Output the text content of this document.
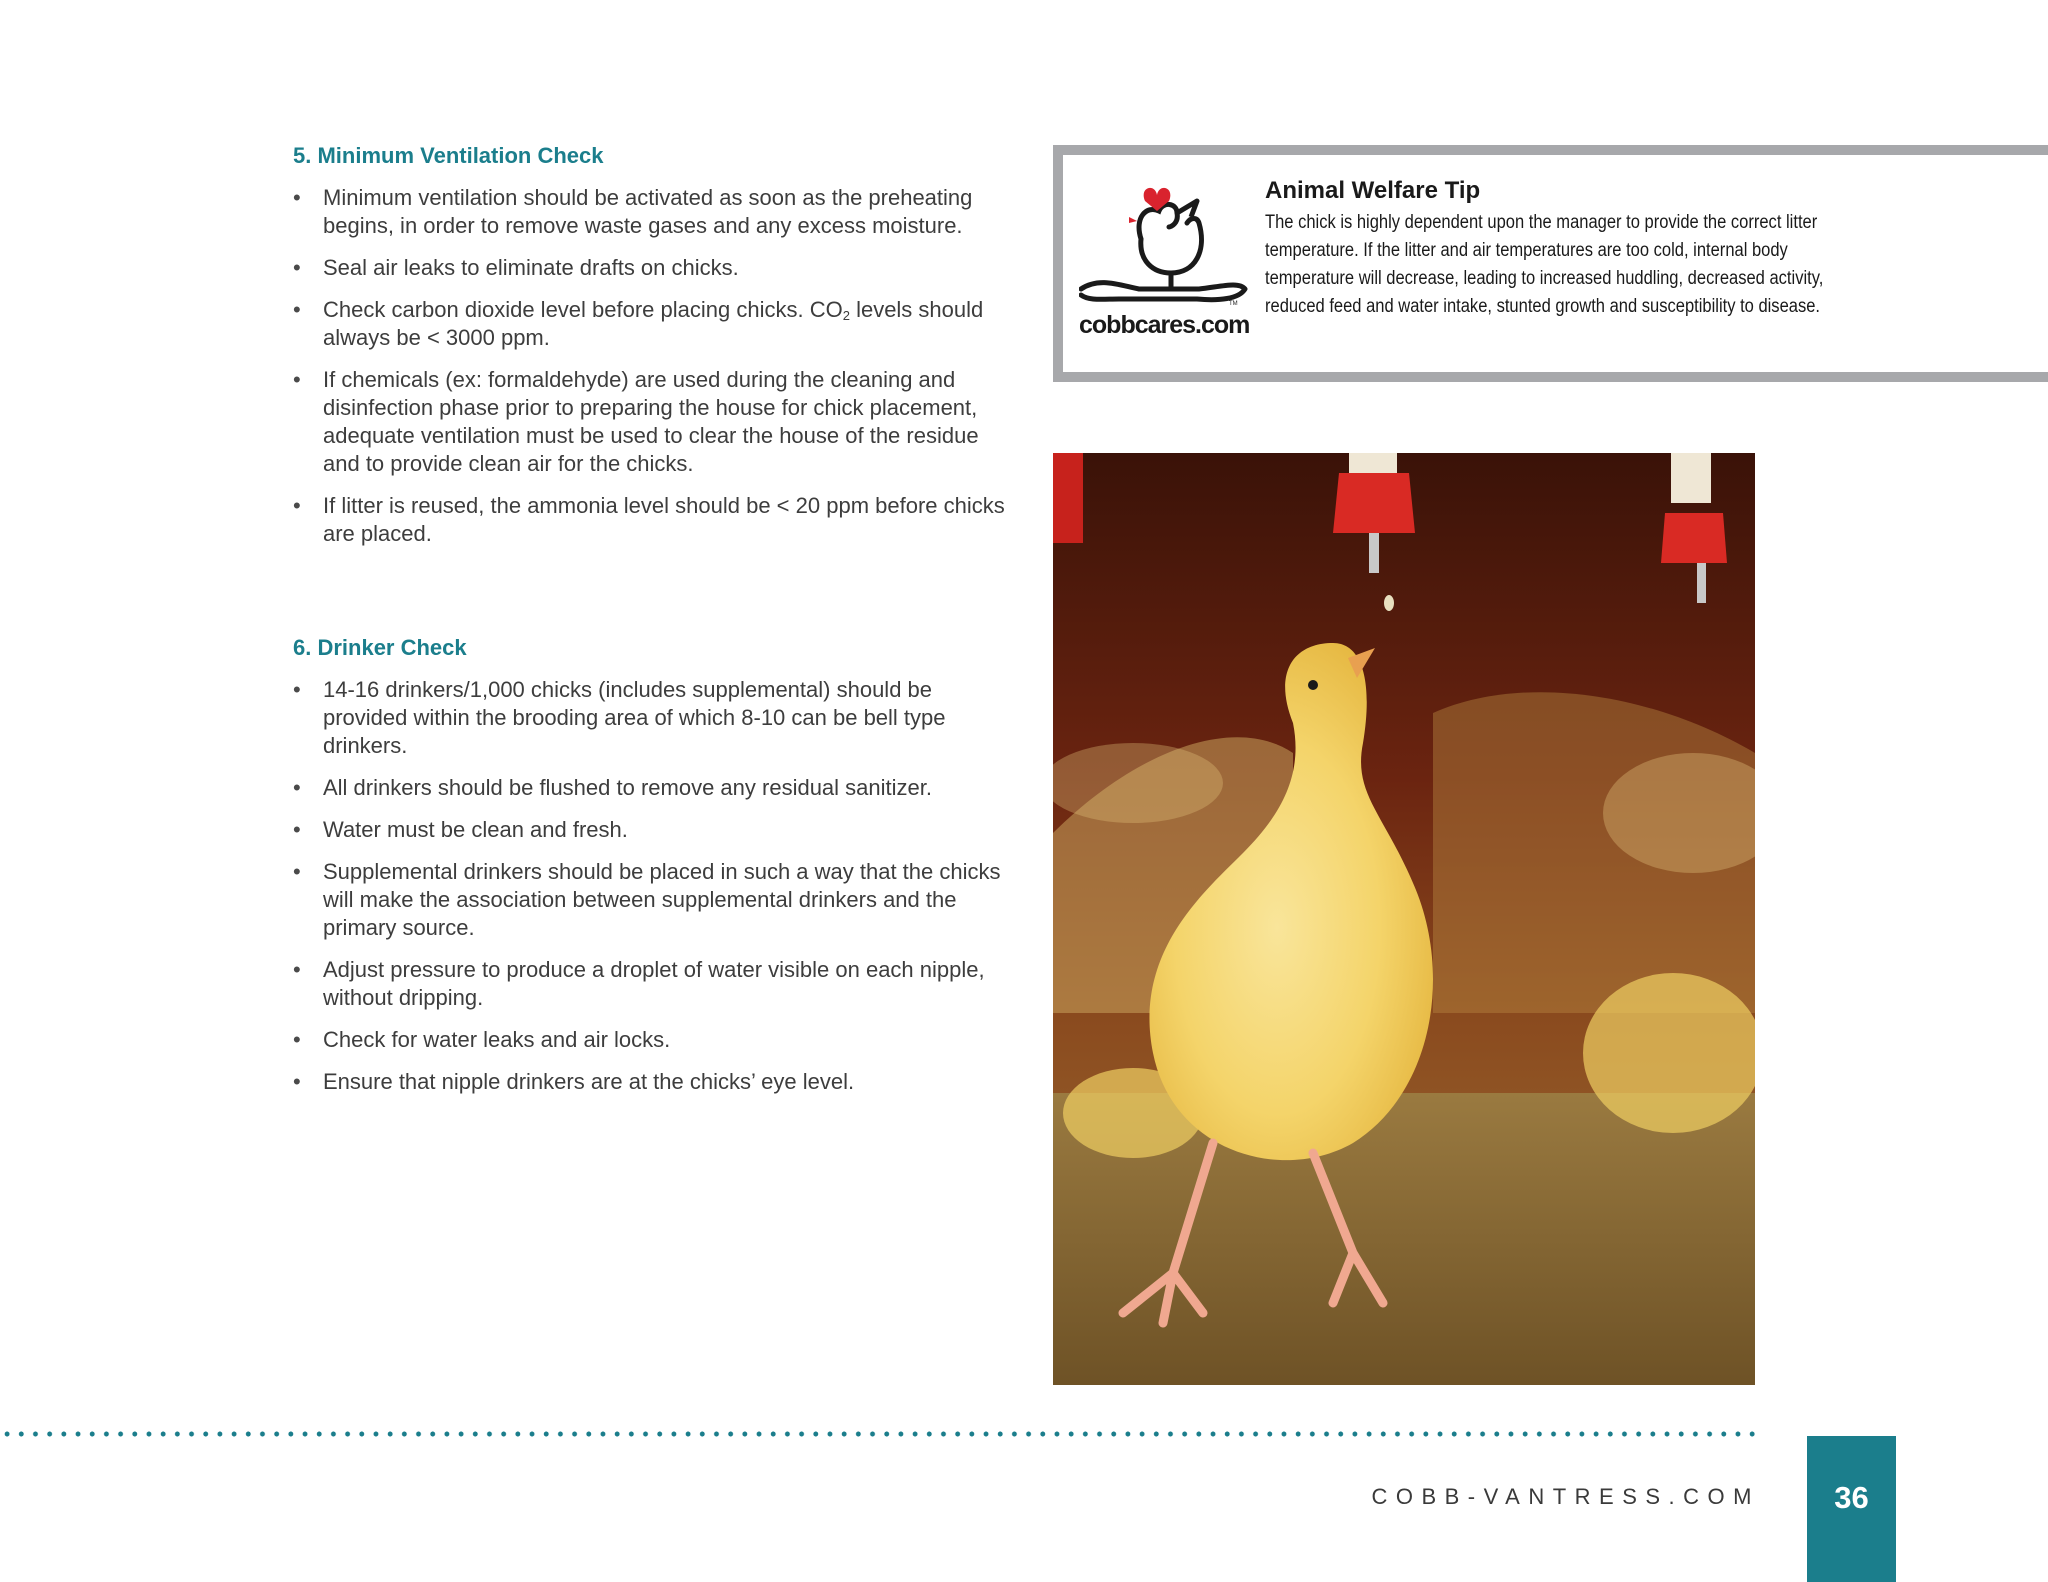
5. Minimum Ventilation Check
• Minimum ventilation should be activated as soon as the preheating begins, in order to remove waste gases and any excess moisture.
• Seal air leaks to eliminate drafts on chicks.
• Check carbon dioxide level before placing chicks. $CO_2$ levels should always be < 3000 ppm.
• If chemicals (ex: formaldehyde) are used during the cleaning and disinfection phase prior to preparing the house for chick placement, adequate ventilation must be used to clear the house of the residue and to provide clean air for the chicks.
• If litter is reused, the ammonia level should be < 20 ppm before chicks are placed.
6. Drinker Check
• 14-16 drinkers/1,000 chicks (includes supplemental) should be provided within the brooding area of which 8-10 can be bell type drinkers.
• All drinkers should be flushed to remove any residual sanitizer.
• Water must be clean and fresh.
• Supplemental drinkers should be placed in such a way that the chicks will make the association between supplemental drinkers and the primary source.
• Adjust pressure to produce a droplet of water visible on each nipple, without dripping.
• Check for water leaks and air locks.
• Ensure that nipple drinkers are at the chicks’ eye level.
TM

cobbcares.com

Animal Welfare Tip

The chick is highly dependent upon the manager to provide the correct litter temperature. If the litter and air temperatures are too cold, internal body temperature will decrease, leading to increased huddling, decreased activity, reduced feed and water intake, stunted growth and susceptibility to disease.

COBB-VANTRESS.COM	36
